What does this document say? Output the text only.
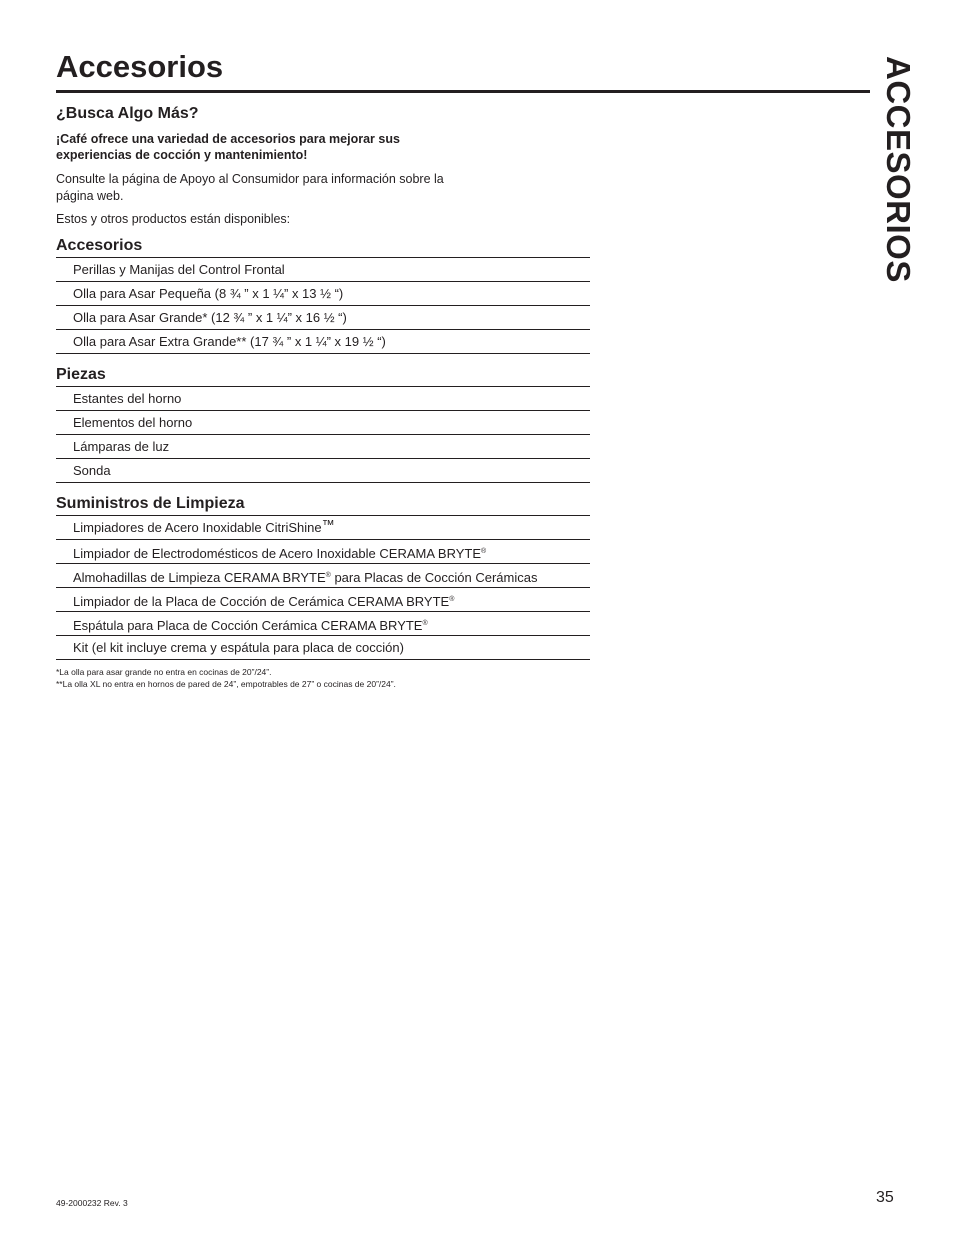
Accesorios	ACCESORIOS
¿Busca Algo Más?

¡Café ofrece una variedad de accesorios para mejorar sus experiencias de cocción y mantenimiento!

Consulte la página de Apoyo al Consumidor para información sobre la página web.

Estos y otros productos están disponibles:

Accesorios
Perillas y Manijas del Control Frontal
Olla para Asar Pequeña (8 ¾ ” x 1 ¼” x 13 ½ “)
Olla para Asar Grande* (12 ¾ ” x 1 ¼” x 16 ½ “)
Olla para Asar Extra Grande** (17 ¾ ” x 1 ¼” x 19 ½ “)
Piezas
Estantes del horno
Elementos del horno
Lámparas de luz
Sonda
Suministros de Limpieza
Limpiadores de Acero Inoxidable CitriShine™
Limpiador de Electrodomésticos de Acero Inoxidable CERAMA BRYTE®
Almohadillas de Limpieza CERAMA BRYTE® para Placas de Cocción Cerámicas
Limpiador de la Placa de Cocción de Cerámica CERAMA BRYTE®
Espátula para Placa de Cocción Cerámica CERAMA BRYTE®
Kit (el kit incluye crema y espátula para placa de cocción)
*La olla para asar grande no entra en cocinas de 20”/24”.
**La olla XL no entra en hornos de pared de 24”, empotrables de 27” o cocinas de 20”/24”.
49-2000232 Rev. 3	35
